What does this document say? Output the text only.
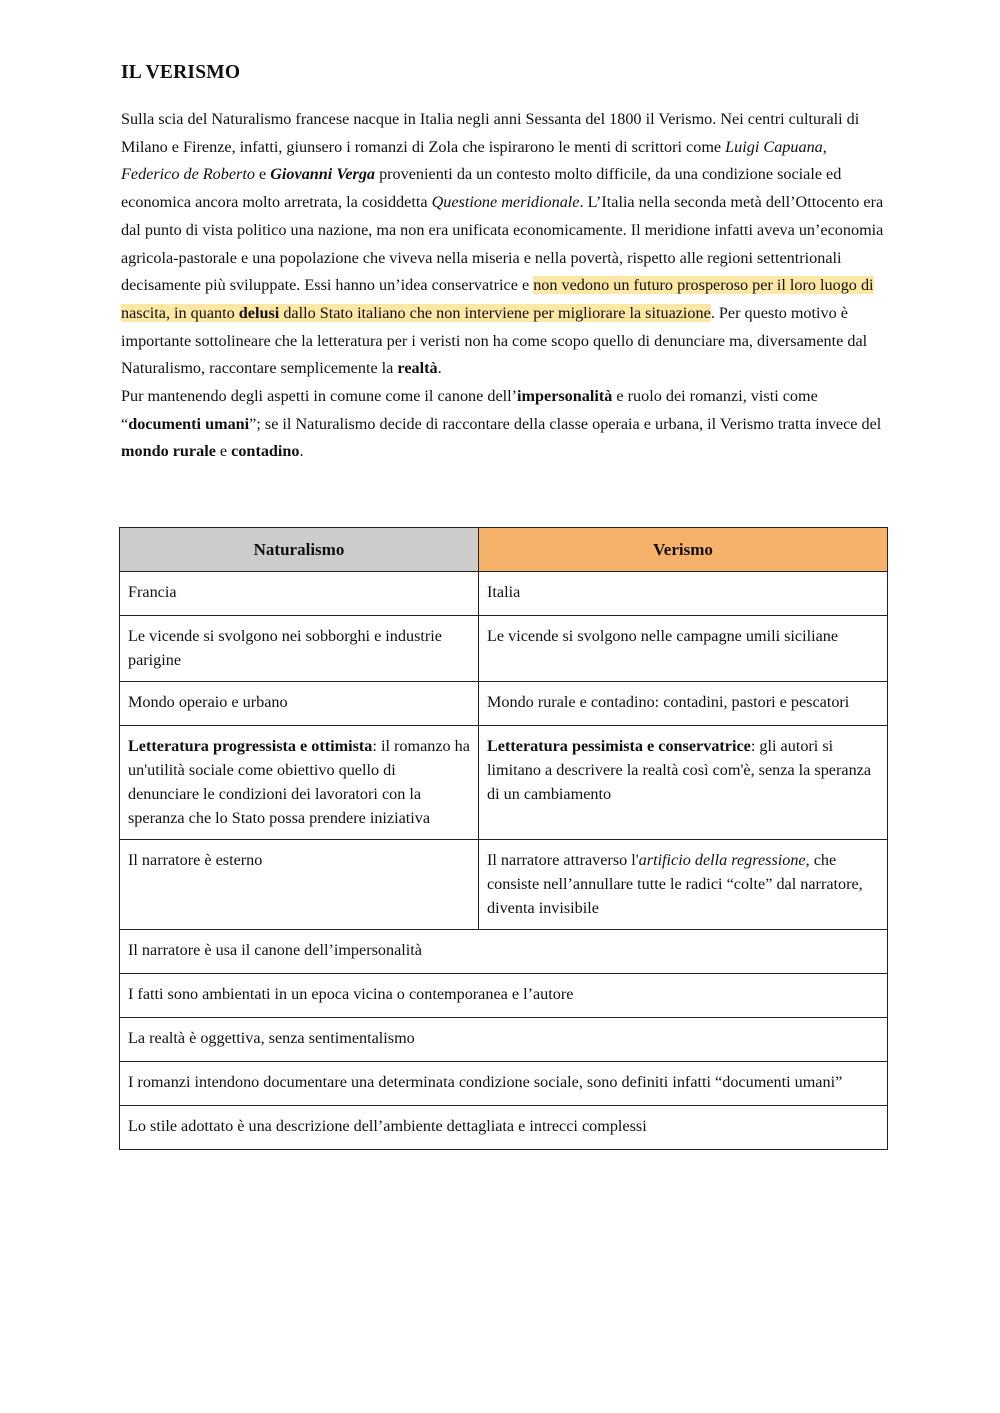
IL VERISMO

Sulla scia del Naturalismo francese nacque in Italia negli anni Sessanta del 1800 il Verismo. Nei centri culturali di Milano e Firenze, infatti, giunsero i romanzi di Zola che ispirarono le menti di scrittori come Luigi Capuana, Federico de Roberto e Giovanni Verga provenienti da un contesto molto difficile, da una condizione sociale ed economica ancora molto arretrata, la cosiddetta Questione meridionale. L’Italia nella seconda metà dell’Ottocento era dal punto di vista politico una nazione, ma non era unificata economicamente. Il meridione infatti aveva un’economia agricola-pastorale e una popolazione che viveva nella miseria e nella povertà, rispetto alle regioni settentrionali decisamente più sviluppate. Essi hanno un’idea conservatrice e non vedono un futuro prosperoso per il loro luogo di nascita, in quanto delusi dallo Stato italiano che non interviene per migliorare la situazione. Per questo motivo è importante sottolineare che la letteratura per i veristi non ha come scopo quello di denunciare ma, diversamente dal Naturalismo, raccontare semplicemente la realtà.

Pur mantenendo degli aspetti in comune come il canone dell’impersonalità e ruolo dei romanzi, visti come “documenti umani”; se il Naturalismo decide di raccontare della classe operaia e urbana, il Verismo tratta invece del mondo rurale e contadino.

Naturalismo	Verismo
Francia	Italia
Le vicende si svolgono nei sobborghi e industrie parigine	Le vicende si svolgono nelle campagne umili siciliane
Mondo operaio e urbano	Mondo rurale e contadino: contadini, pastori e pescatori
Letteratura progressista e ottimista: il romanzo ha un'utilità sociale come obiettivo quello di denunciare le condizioni dei lavoratori con la speranza che lo Stato possa prendere iniziativa	Letteratura pessimista e conservatrice: gli autori si limitano a descrivere la realtà così com'è, senza la speranza di un cambiamento
Il narratore è esterno	Il narratore attraverso l'artificio della regressione, che consiste nell’annullare tutte le radici “colte” dal narratore, diventa invisibile
Il narratore è usa il canone dell’impersonalità	
I fatti sono ambientati in un epoca vicina o contemporanea e l’autore	
La realtà è oggettiva, senza sentimentalismo	
I romanzi intendono documentare una determinata condizione sociale, sono definiti infatti “documenti umani”	
Lo stile adottato è una descrizione dell’ambiente dettagliata e intrecci complessi	
